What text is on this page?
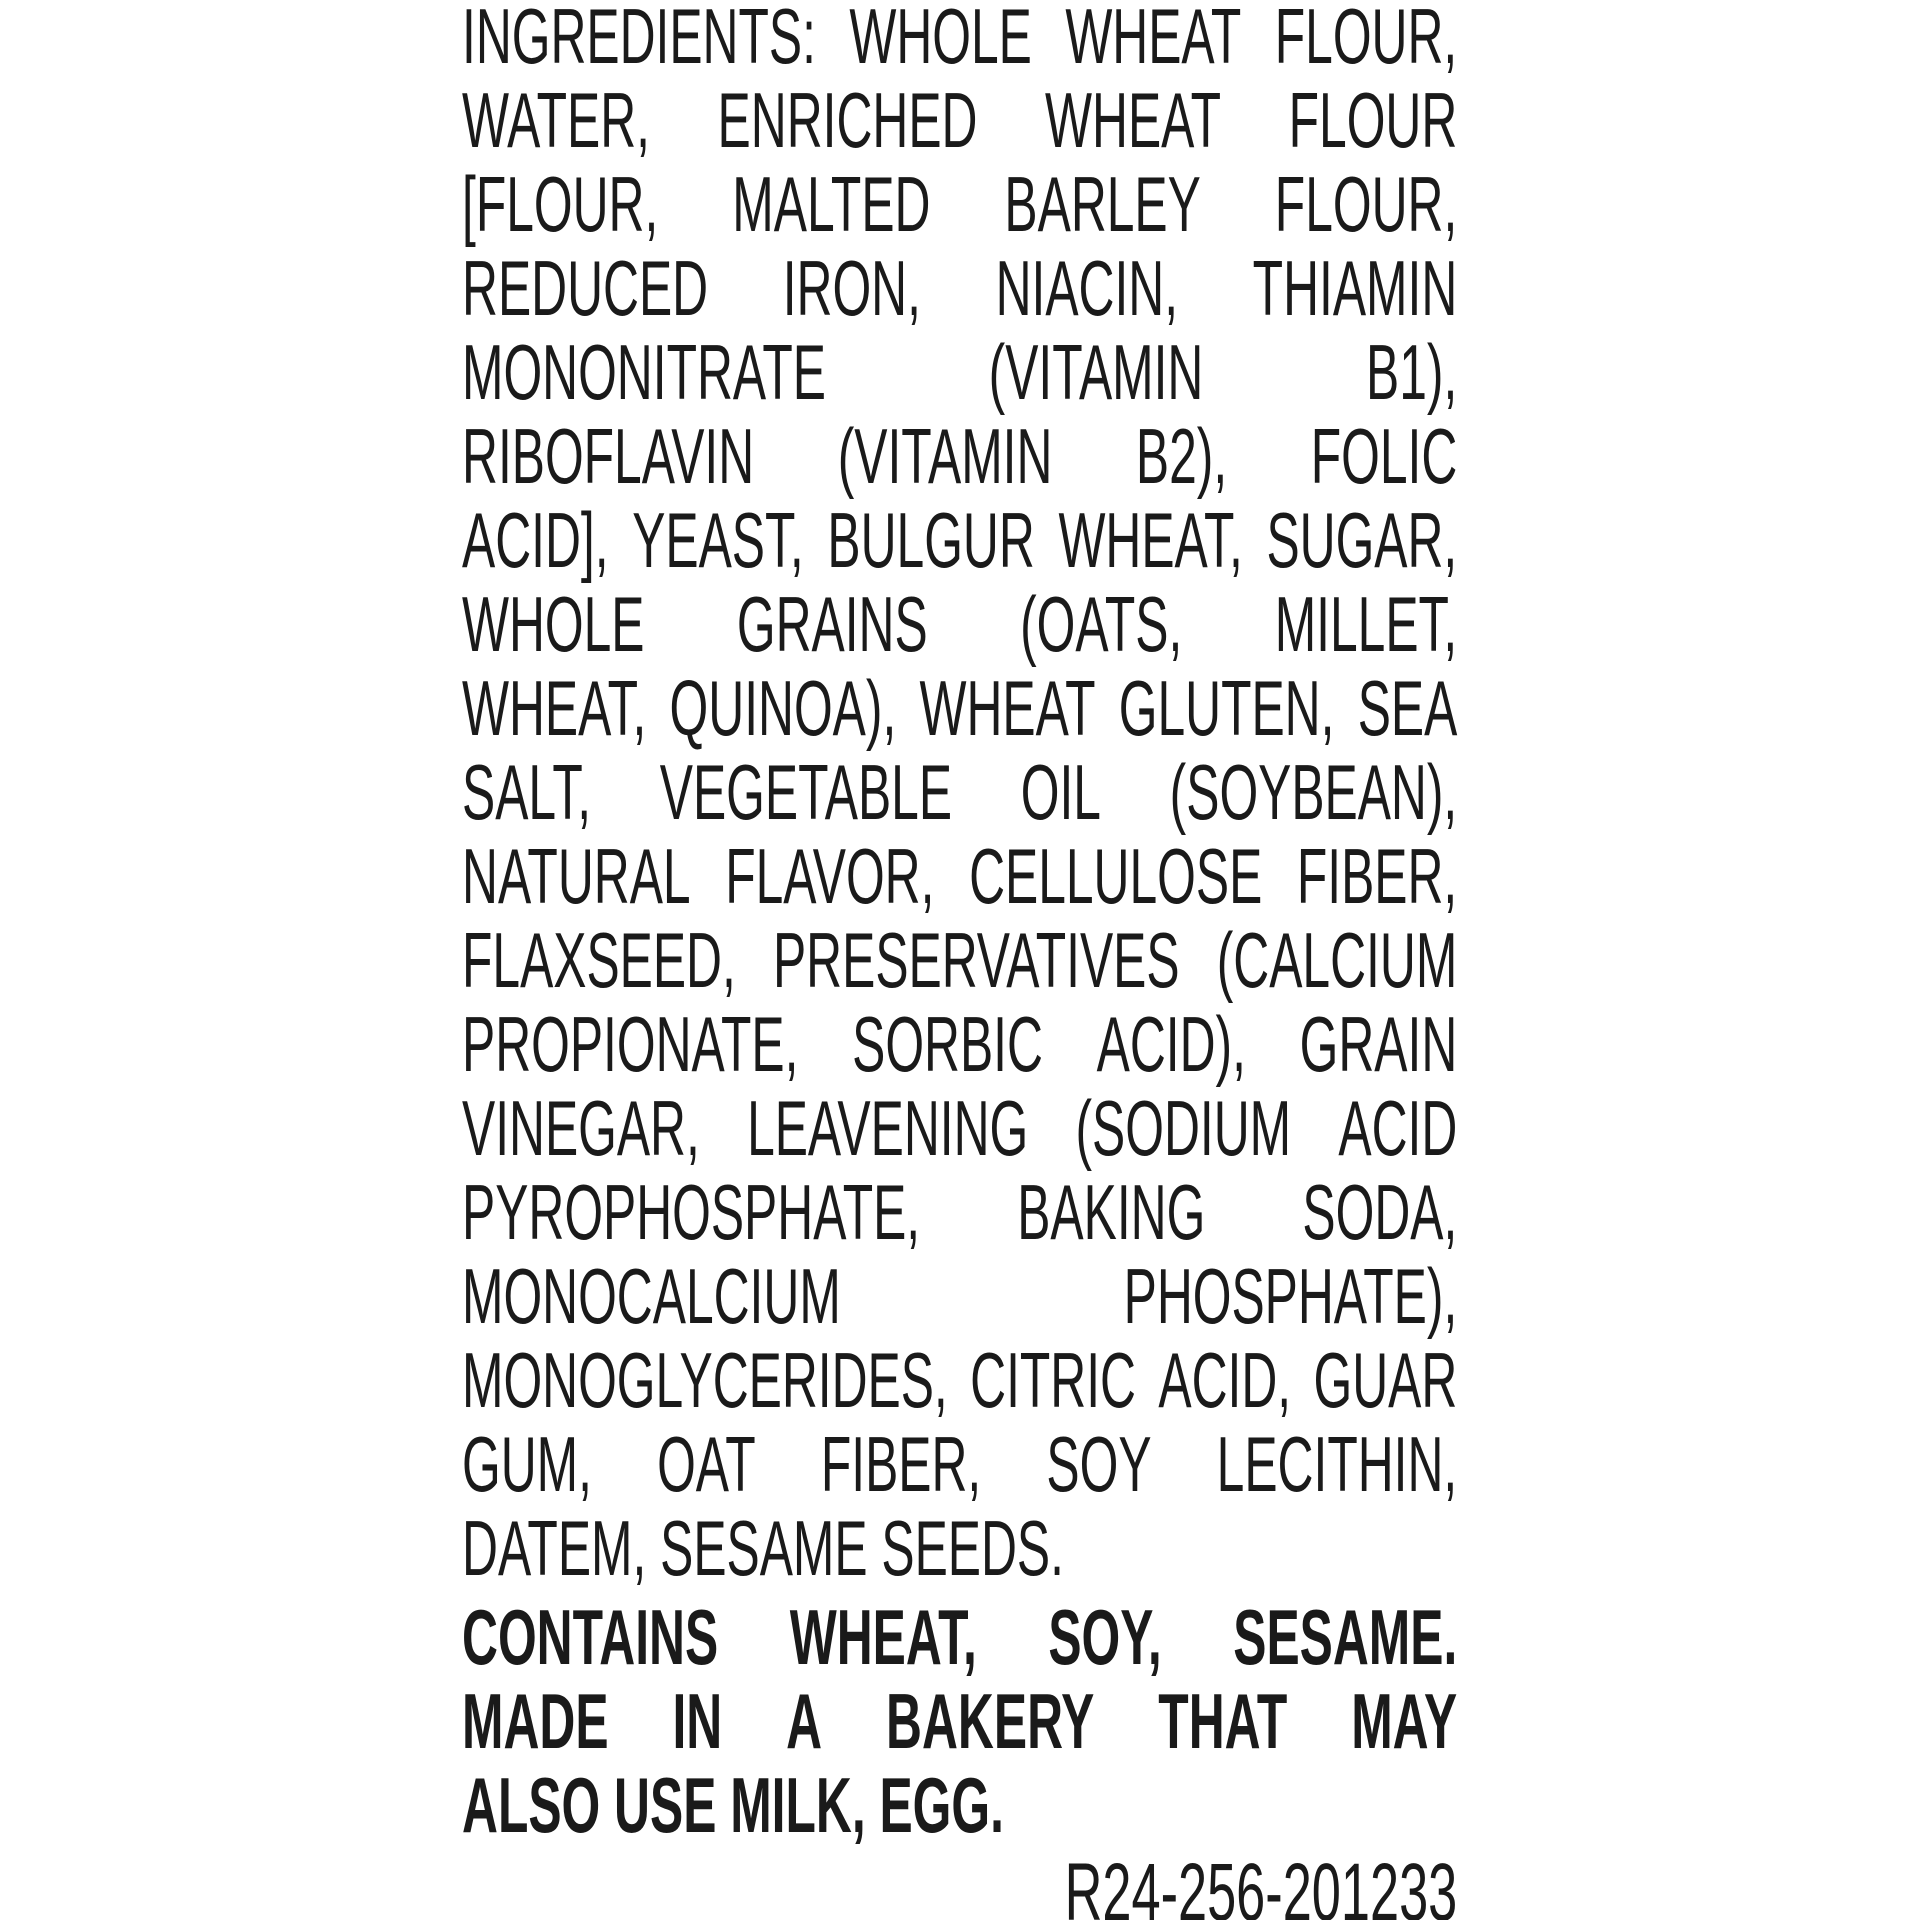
INGREDIENTS: WHOLE WHEAT FLOUR,
WATER, ENRICHED WHEAT FLOUR
[FLOUR, MALTED BARLEY FLOUR,
REDUCED IRON, NIACIN, THIAMIN
MONONITRATE (VITAMIN B1),
RIBOFLAVIN (VITAMIN B2), FOLIC
ACID], YEAST, BULGUR WHEAT, SUGAR,
WHOLE GRAINS (OATS, MILLET,
WHEAT, QUINOA), WHEAT GLUTEN, SEA
SALT, VEGETABLE OIL (SOYBEAN),
NATURAL FLAVOR, CELLULOSE FIBER,
FLAXSEED, PRESERVATIVES (CALCIUM
PROPIONATE, SORBIC ACID), GRAIN
VINEGAR, LEAVENING (SODIUM ACID
PYROPHOSPHATE, BAKING SODA,
MONOCALCIUM	PHOSPHATE),
MONOGLYCERIDES, CITRIC ACID, GUAR
GUM, OAT FIBER, SOY LECITHIN,
DATEM, SESAME SEEDS.
CONTAINS WHEAT, SOY, SESAME.
MADE IN A BAKERY THAT MAY
ALSO USE MILK, EGG.
R24-256-201233
